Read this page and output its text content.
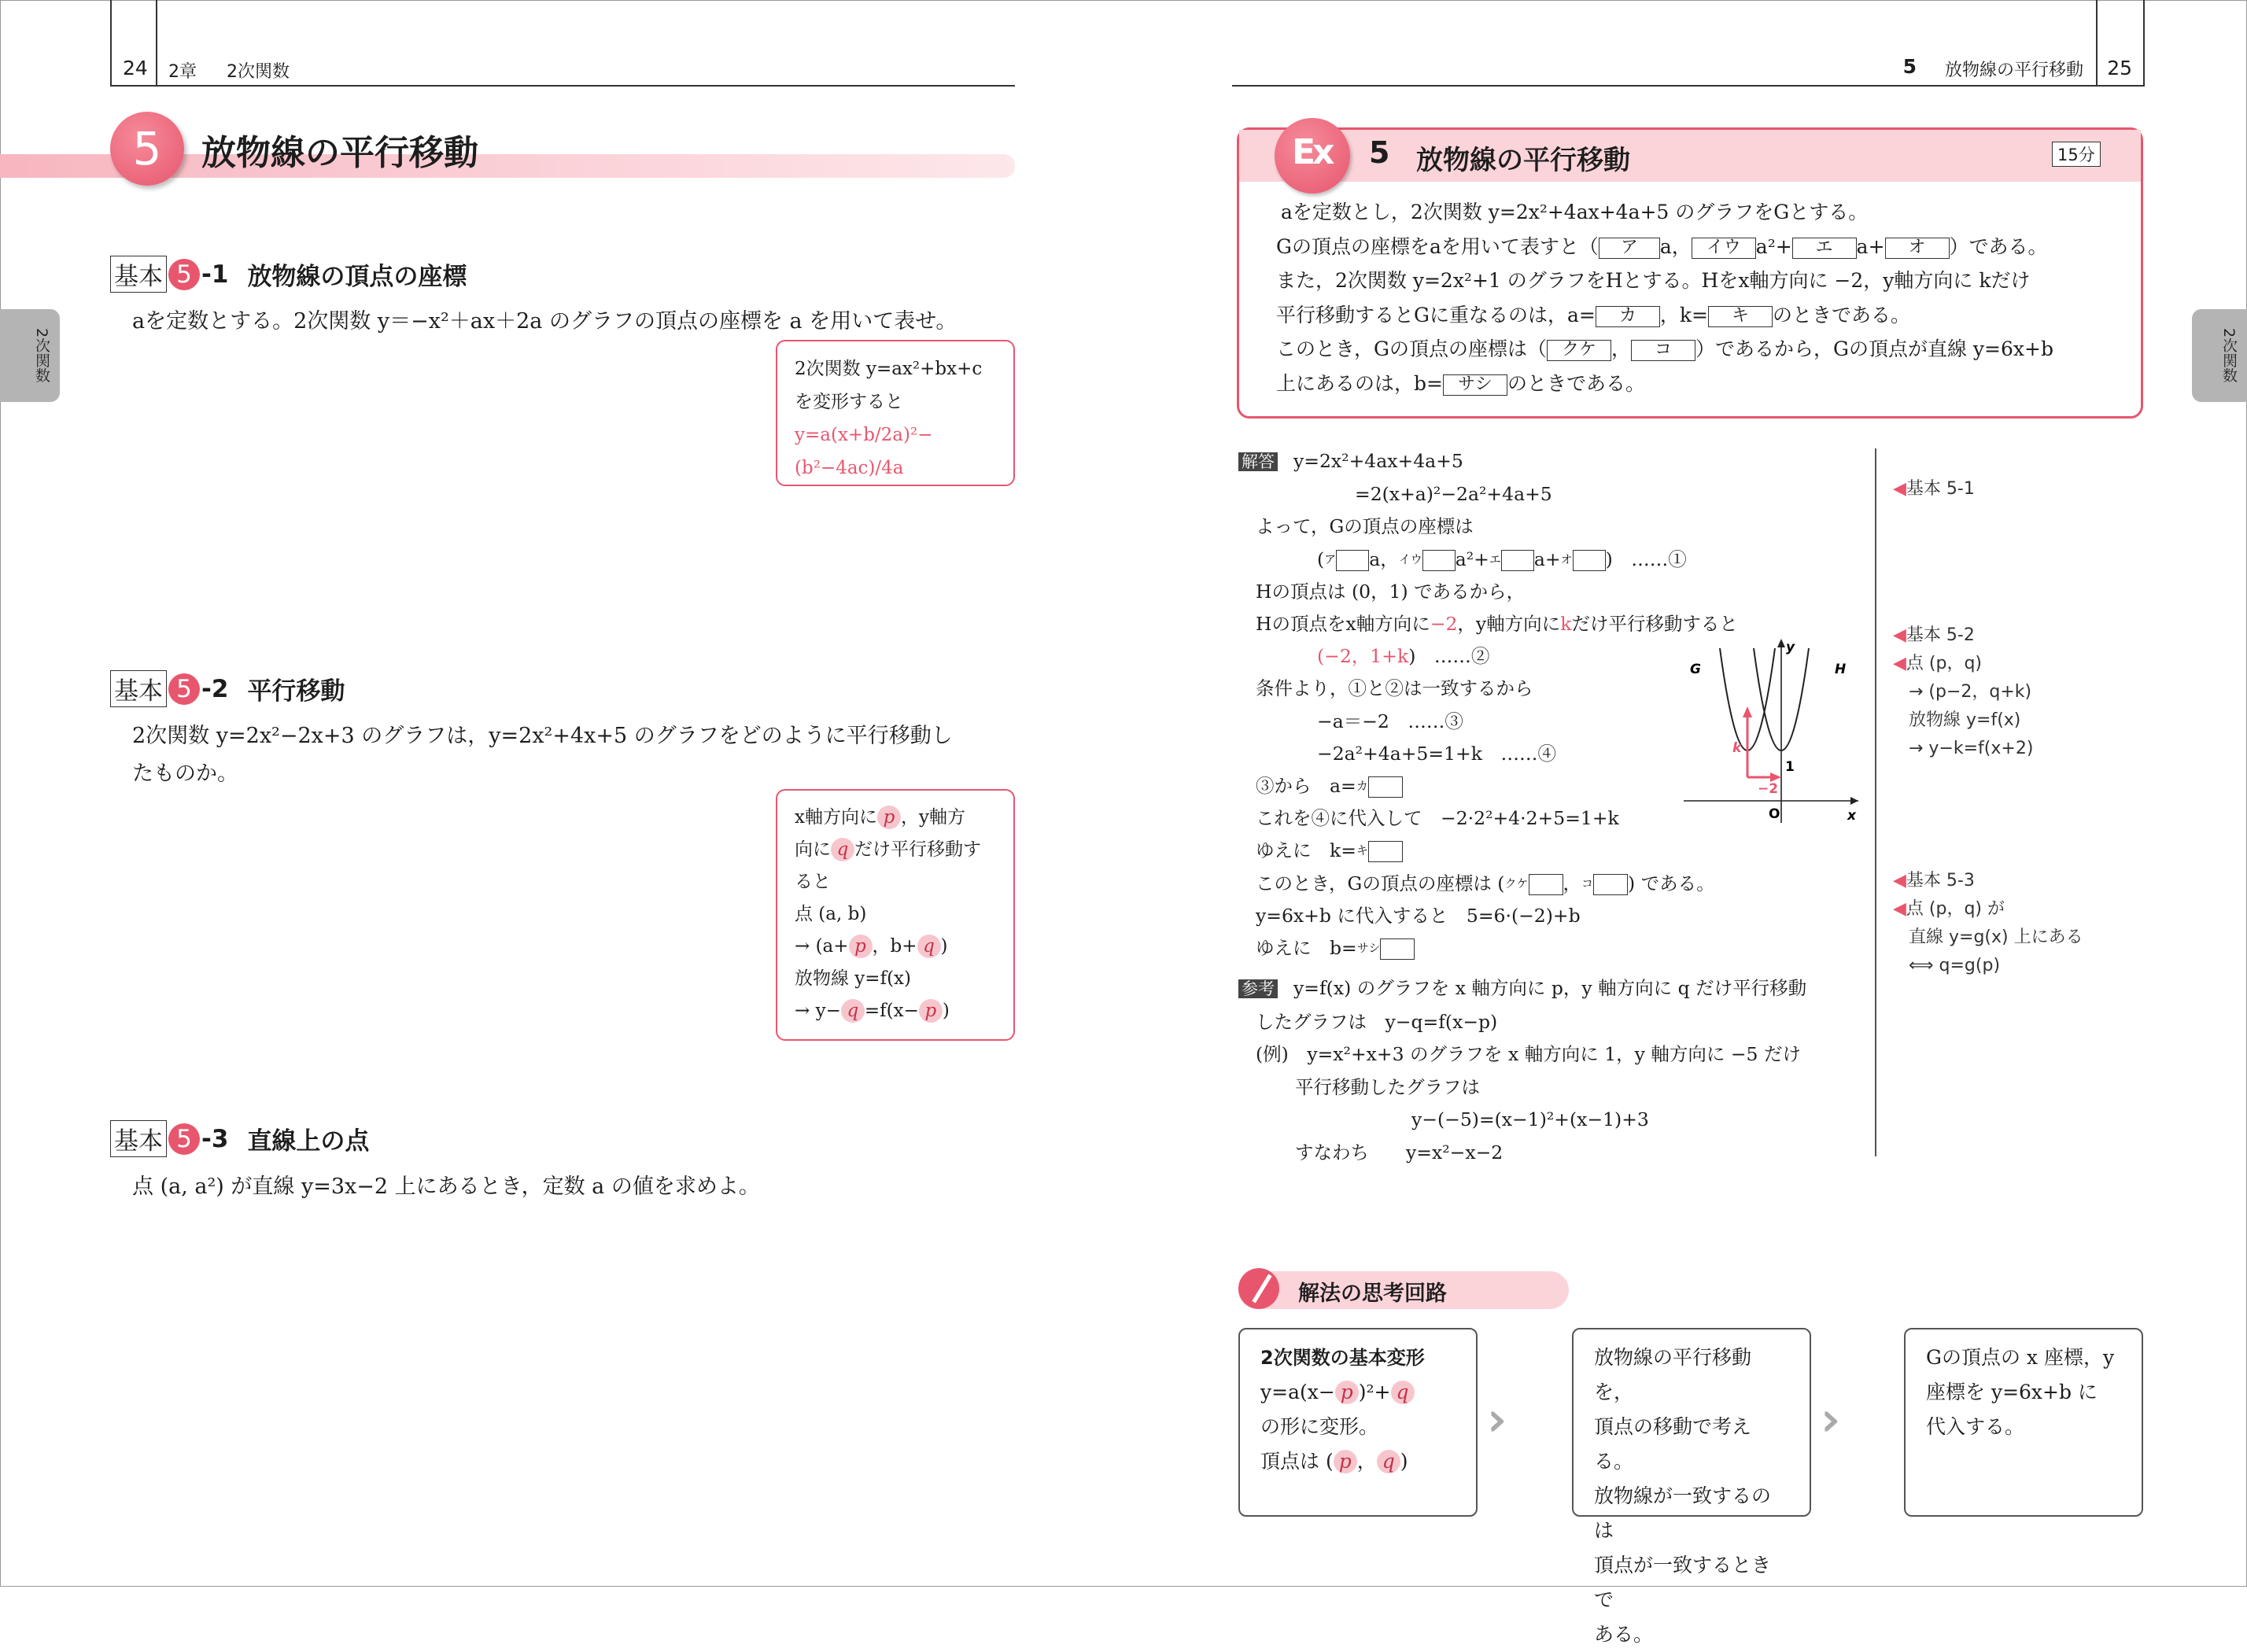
24 2章 2次関数
2次関数
5	放物線の平行移動
基本 5 -1 放物線の頂点の座標
aを定数とする。2次関数 y＝−x²＋ax＋2a のグラフの頂点の座標を a を用いて表せ。
2次関数 y=ax²+bx+c
を変形すると
y=a(x+b/2a)²−(b²−4ac)/4a
基本 5 -2 平行移動
2次関数 y=2x²−2x+3 のグラフは，y=2x²+4x+5 のグラフをどのように平行移動し
たものか。
x軸方向に p ，y軸方
向に q だけ平行移動す
ると
点 (a, b)
→ (a+ p ，b+ q )
放物線 y=f(x)
→ y− q =f(x− p )
基本 5 -3 直線上の点
点 (a, a²) が直線 y=3x−2 上にあるとき，定数 a の値を求めよ。
25
5 放物線の平行移動
2次関数
Ex 5 放物線の平行移動	15分
aを定数とし，2次関数 y=2x²+4ax+4a+5 のグラフをGとする。
Gの頂点の座標をaを用いて表すと（ ア a， イウ a²+ エ a+ オ ）である。
また，2次関数 y=2x²+1 のグラフをHとする。Hをx軸方向に −2，y軸方向に kだけ
平行移動するとGに重なるのは，a= カ ，k= キ のときである。
このとき，Gの頂点の座標は（ クケ ， コ ）であるから，Gの頂点が直線 y=6x+b
上にあるのは，b= サシ のときである。
解答 y=2x²+4ax+4a+5
=2(x+a)²−2a²+4a+5
よって，Gの頂点の座標は
($^ア$ a，$^{イウ}$ a²+$^エ$ a+$^オ$ )　……①
Hの頂点は (0，1) であるから，
Hの頂点をx軸方向に−2，y軸方向にkだけ平行移動すると
(−2，1+k)　……②
条件より，①と②は一致するから
−a＝−2　……③
−2a²+4a+5=1+k　……④
③から　a=$^カ$
これを④に代入して　−2·2²+4·2+5=1+k
ゆえに　k=$^キ$
このとき，Gの頂点の座標は ($^{クケ}$ ，$^コ$ ) である。
y=6x+b に代入すると　5=6·(−2)+b
ゆえに　b=$^{サシ}$
G	H
y
x
O
1
k
−2
◀基本 5-1
◀基本 5-2
◀点 (p，q)
→ (p−2，q+k)
放物線 y=f(x)
→ y−k=f(x+2)
◀基本 5-3
◀点 (p，q) が
直線 y=g(x) 上にある
⟺ q=g(p)
参考 y=f(x) のグラフを x 軸方向に p，y 軸方向に q だけ平行移動
したグラフは　y−q=f(x−p)
(例)　y=x²+x+3 のグラフを x 軸方向に 1，y 軸方向に −5 だけ
平行移動したグラフは
y−(−5)=(x−1)²+(x−1)+3
すなわち　　y=x²−x−2
解法の思考回路
2次関数の基本変形
y=a(x− p )²+ q
の形に変形。
頂点は ( p ， q )
›››
放物線の平行移動を，
頂点の移動で考える。
放物線が一致するのは
頂点が一致するときで
ある。
›››
Gの頂点の x 座標，y
座標を y=6x+b に
代入する。
